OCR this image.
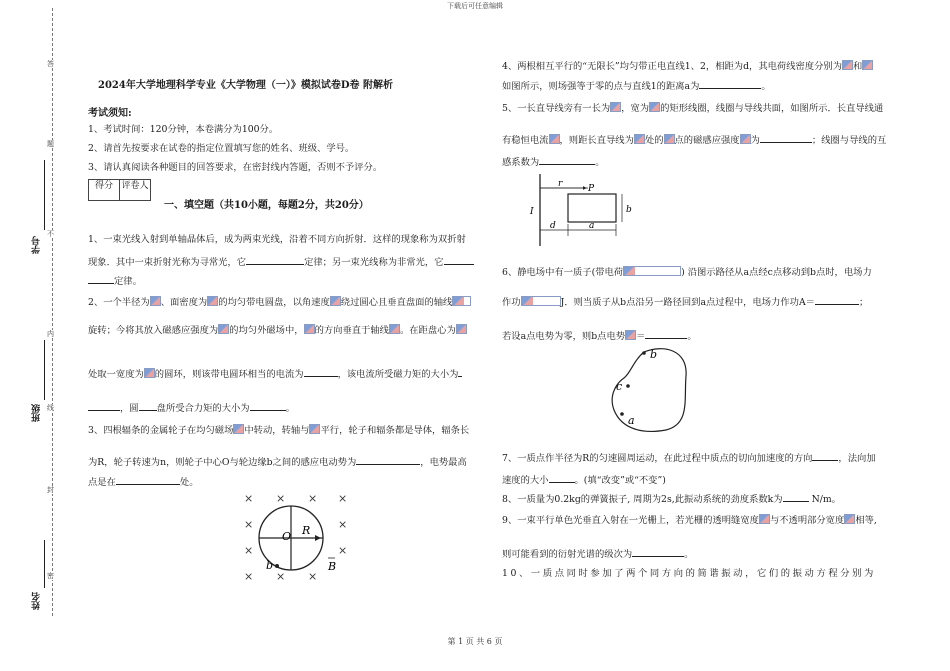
下载后可任意编辑
第 1 页 共 6 页
答
题
不
内
线
封
密
学号
班级
姓名
2024年大学地理科学专业《大学物理（一）》模拟试卷D卷 附解析
考试须知:
1、考试时间：120分钟，本卷满分为100分。
2、请首先按要求在试卷的指定位置填写您的姓名、班级、学号。
3、请认真阅读各种题目的回答要求，在密封线内答题，否则不予评分。
得分 评卷人
一、填空题（共10小题，每题2分，共20分）
1、一束光线入射到单轴晶体后，成为两束光线，沿着不同方向折射．这样的现象称为双折射
现象．其中一束折射光称为寻常光，它	定律；另一束光线称为非常光，它
定律。
2、一个半径为 、面密度为 的均匀带电圆盘，以角速度 绕过圆心且垂直盘面的轴线
旋转；今将其放入磁感应强度为 的均匀外磁场中， 的方向垂直于轴线 。在距盘心为
处取一宽度为 的圆环，则该带电圆环相当的电流为	，该电流所受磁力矩的大小为
，圆 盘所受合力矩的大小为	。
3、四根辐条的金属轮子在均匀磁场 中转动，转轴与 平行，轮子和辐条都是导体，辐条长
为R，轮子转速为n，则轮子中心O与轮边缘b之间的感应电动势为	，电势最高
点是在	处。
× × × ×
×	×
×	×
× × ×
O R
b	B
4、两根相互平行的“无限长”均匀带正电直线1、2，相距为d，其电荷线密度分别为 和
如图所示，则场强等于零的点与直线1的距离a为	。
5、一长直导线旁有一长为 ，宽为 的矩形线圈，线圈与导线共面，如图所示．长直导线通
有稳恒电流 ，则距长直导线为 处的 点的磁感应强度 为	；线圈与导线的互
感系数为	。
r	P
I	b
d	a
6、静电场中有一质子(带电荷	) 沿图示路径从a点经c点移动到b点时，电场力
作功	J．则当质子从b点沿另一路径回到a点过程中，电场力作功A＝	；
若设a点电势为零，则b点电势 ＝	。
b
c
a
7、一质点作半径为R的匀速圆周运动，在此过程中质点的切向加速度的方向	，法向加
速度的大小	。(填“改变”或“不变”)
8、一质量为0.2kg的弹簧振子, 周期为2s,此振动系统的劲度系数k为	N/m。
9、一束平行单色光垂直入射在一光栅上，若光栅的透明缝宽度 与不透明部分宽度 相等,
则可能看到的衍射光谱的级次为	。
10、一质点同时参加了两个同方向的简谐振动，它们的振动方程分别为
